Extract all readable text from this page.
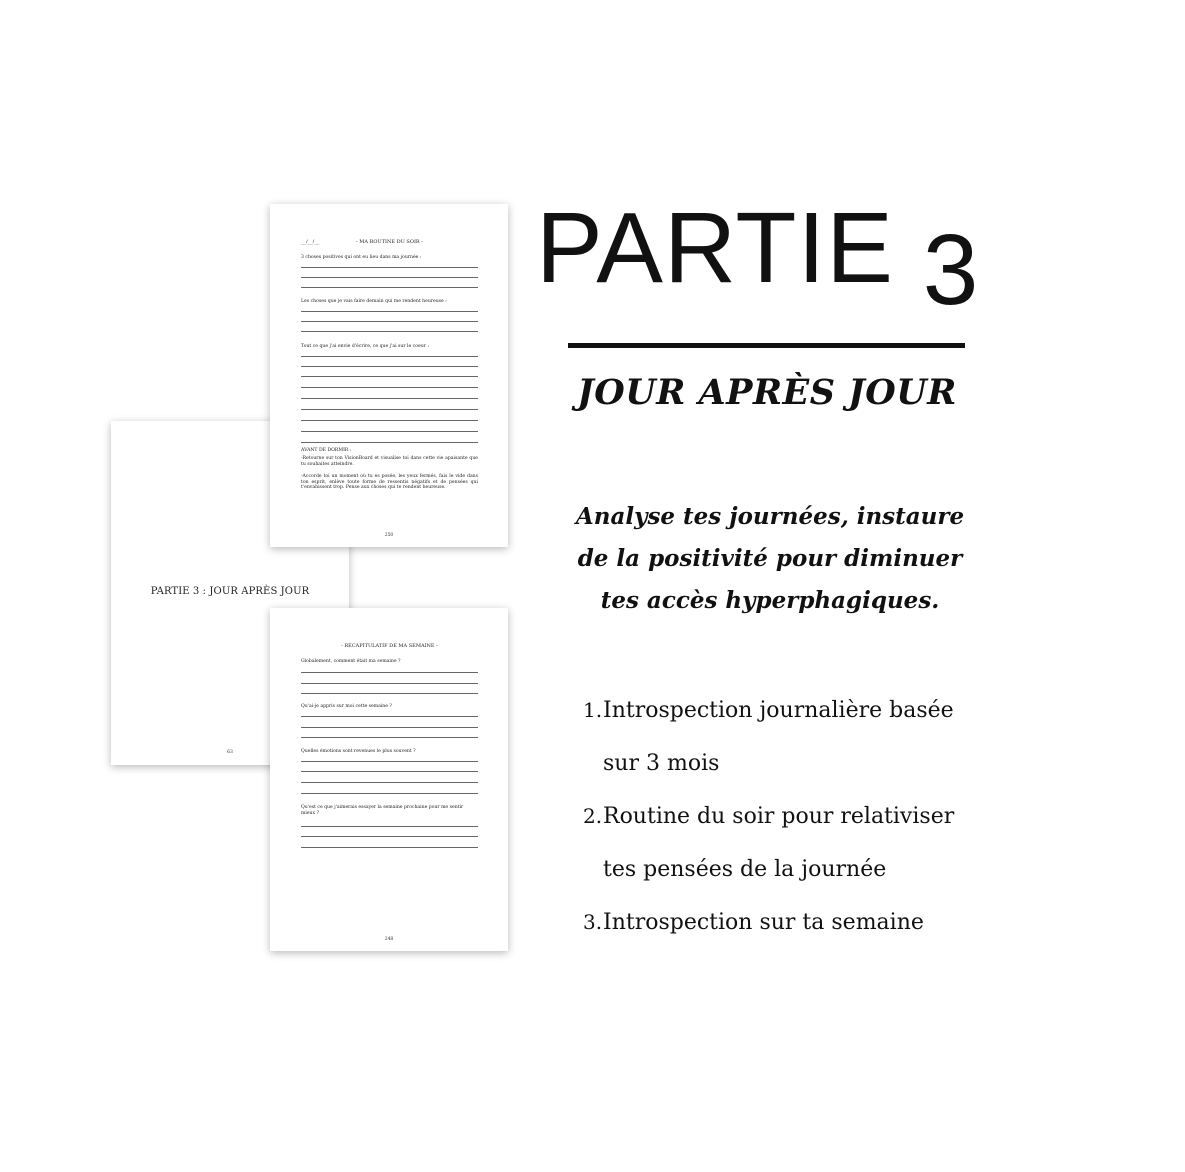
PARTIE 3 : JOUR APRÈS JOUR
63
__/__/__	- MA ROUTINE DU SOIR -
3 choses positives qui ont eu lieu dans ma journée :
Les choses que je vais faire demain qui me rendent heureuse :
Tout ce que j'ai envie d'écrire, ce que j'ai sur le coeur :
AVANT DE DORMIR :
-Retourne sur ton VisionBoard et visualise toi dans cette vie apaisante que tu souhaites atteindre.
-Accorde toi un moment où tu es posée, les yeux fermés, fais le vide dans ton esprit, enlève toute forme de ressentis négatifs et de pensées qui t'envahissent trop. Pense aux choses qui te rendent heureuse.
250
- RÉCAPITULATIF DE MA SEMAINE -
Globalement, comment était ma semaine ?
Qu'ai-je appris sur moi cette semaine ?
Quelles émotions sont revenues le plus souvent ?
Qu'est ce que j'aimerais essayer la semaine prochaine pour me sentir mieux ?
248
PARTIE 3
JOUR APRÈS JOUR

Analyse tes journées, instaure de la positivité pour diminuer tes accès hyperphagiques.

1. Introspection journalière basée sur 3 mois
2. Routine du soir pour relativiser tes pensées de la journée
3. Introspection sur ta semaine
